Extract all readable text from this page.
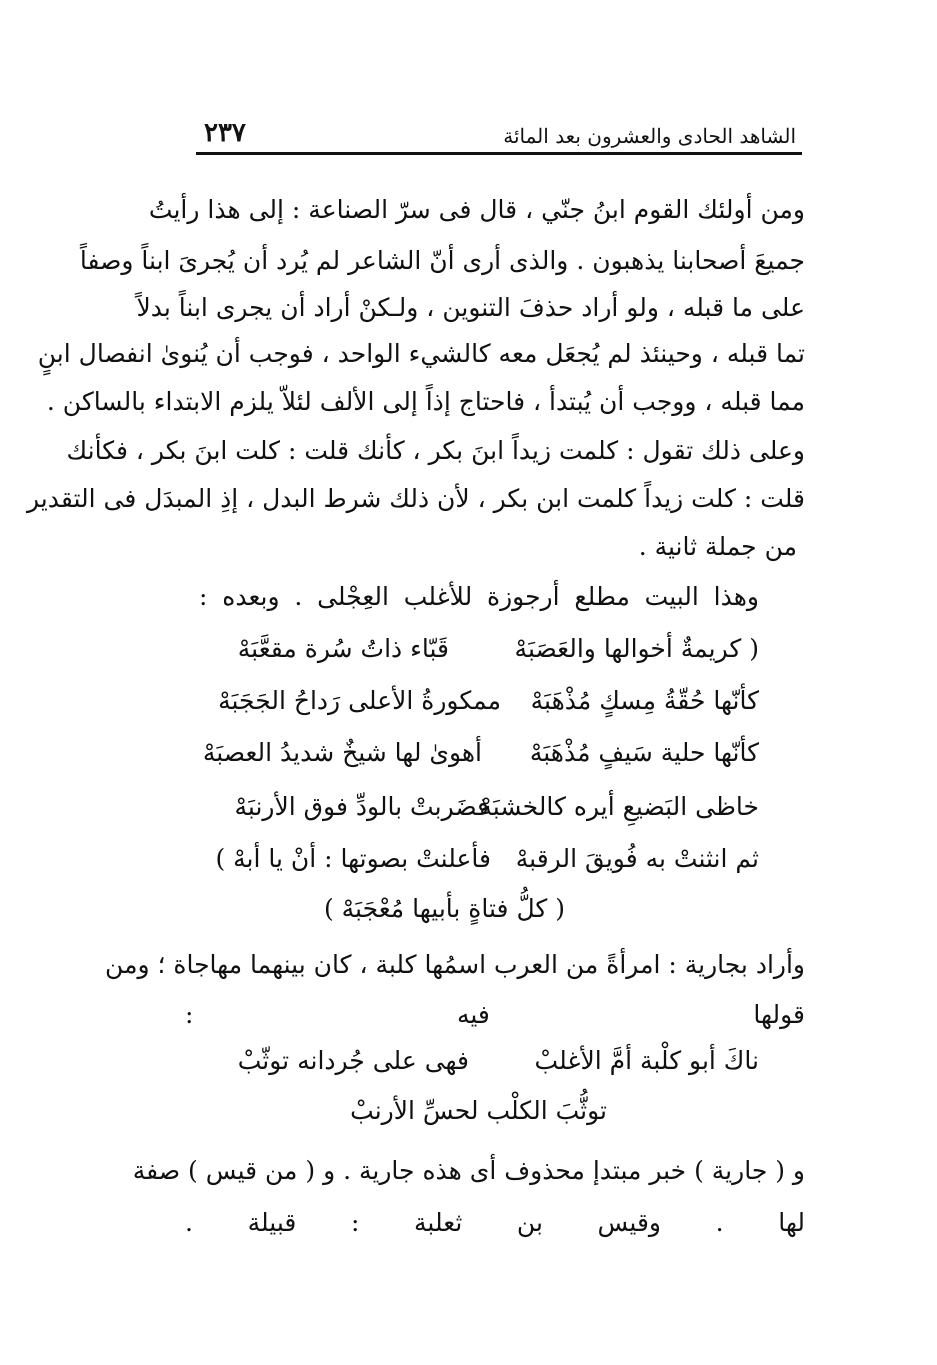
الشاهد الحادى والعشرون بعد المائة
٢٣٧
ومن أولئك القوم ابنُ جنّي ، قال فى سرّ الصناعة : إلى هذا رأيتُ
جميعَ أصحابنا يذهبون . والذى أرى أنّ الشاعر لم يُرد أن يُجرىَ ابناً وصفاً
على ما قبله ، ولو أراد حذفَ التنوين ، ولـكنْ أراد أن يجرى ابناً بدلاً
تما قبله ، وحينئذ لم يُجعَل معه كالشيء الواحد ، فوجب أن يُنوىٰ انفصال ابنٍ
مما قبله ، ووجب أن يُبتدأ ، فاحتاج إذاً إلى الألف لئلاّ يلزم الابتداء بالساكن .
وعلى ذلك تقول : كلمت زيداً ابنَ بكر ، كأنك قلت : كلت ابنَ بكر ، فكأنك
قلت : كلت زيداً كلمت ابن بكر ، لأن ذلك شرط البدل ، إذِ المبدَل فى التقدير
من جملة ثانية .
وهذا البيت مطلع أرجوزة للأغلب العِجْلى . وبعده :
( كريمةٌ أخوالها والعَصَبَهْ
قَبّاء ذاتُ سُرة مقعَّبَهْ
كأنّها حُقّةُ مِسكٍ مُذْهَبَهْ
ممكورةُ الأعلى رَداحُ الجَجَبَهْ
كأنّها حلية سَيفٍ مُذْهَبَهْ
أهوىٰ لها شيخٌ شديدُ العصبَهْ
خاظى البَضيعِ أيره كالخشبَهْ
فضَربتْ بالودِّ فوق الأرنبَهْ
ثم انثنتْ به فُويقَ الرقبهْ
فأعلنتْ بصوتها : أنْ يا أبهْ )
( كلُّ فتاةٍ بأبيها مُعْجَبَهْ )
وأراد بجارية : امرأةً من العرب اسمُها كلبة ، كان بينهما مهاجاة ؛ ومن
قولها فيه :
ناكَ أبو كلْبة أمَّ الأغلبْ
فهى على جُردانه توثّبْ
توثُّبَ الكلْب لحسِّ الأرنبْ
و ( جارية ) خبر مبتدإ محذوف أى هذه جارية . و ( من قيس ) صفة
لها . وقيس بن ثعلبة : قبيلة .
